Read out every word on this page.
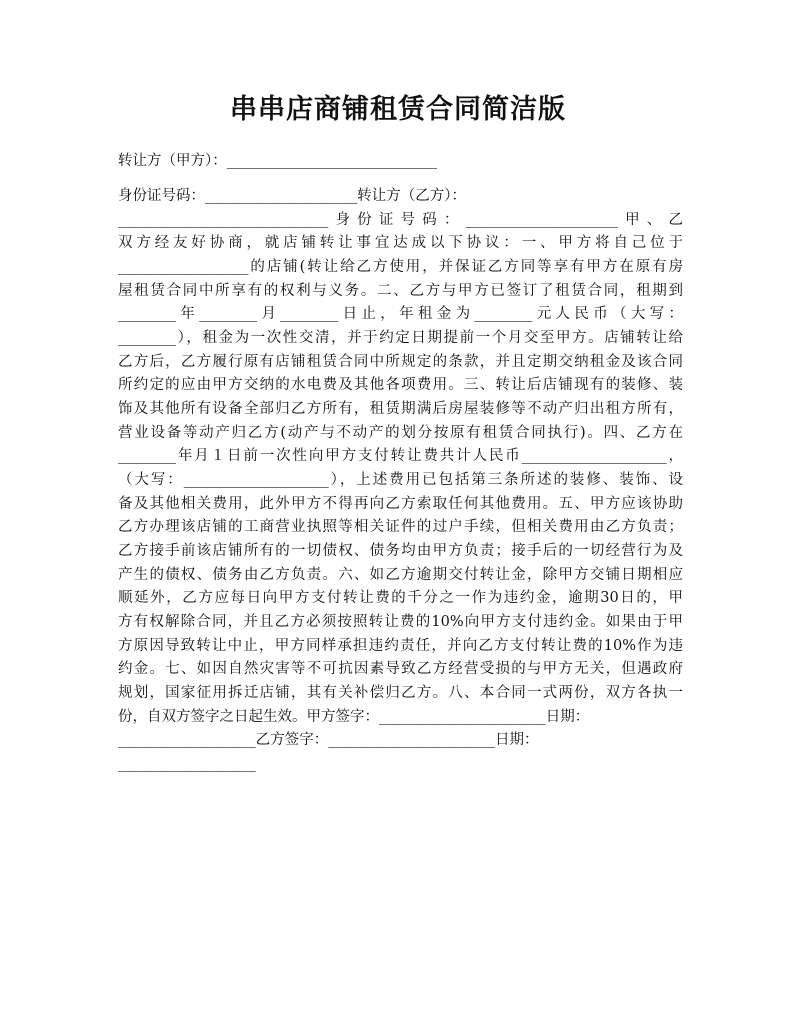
串串店商铺租赁合同简洁版
转让方（甲方）：_____________________________
身份证号码：_____________________转让方（乙方）：
_____________________________身份证号码：_____________________甲、乙
双方经友好协商，就店铺转让事宜达成以下协议：一、甲方将自己位于
__________________的店铺(转让给乙方使用，并保证乙方同等享有甲方在原有房
屋租赁合同中所享有的权利与义务。二、乙方与甲方已签订了租赁合同，租期到
________年________月________日止，年租金为________元人民币（大写：
________），租金为一次性交清，并于约定日期提前一个月交至甲方。店铺转让给
乙方后，乙方履行原有店铺租赁合同中所规定的条款，并且定期交纳租金及该合同
所约定的应由甲方交纳的水电费及其他各项费用。三、转让后店铺现有的装修、装
饰及其他所有设备全部归乙方所有，租赁期满后房屋装修等不动产归出租方所有，
营业设备等动产归乙方(动产与不动产的划分按原有租赁合同执行)。四、乙方在
________年月１日前一次性向甲方支付转让费共计人民币____________________，
（大写：____________________），上述费用已包括第三条所述的装修、装饰、设
备及其他相关费用，此外甲方不得再向乙方索取任何其他费用。五、甲方应该协助
乙方办理该店铺的工商营业执照等相关证件的过户手续，但相关费用由乙方负责；
乙方接手前该店铺所有的一切债权、债务均由甲方负责；接手后的一切经营行为及
产生的债权、债务由乙方负责。六、如乙方逾期交付转让金，除甲方交铺日期相应
顺延外，乙方应每日向甲方支付转让费的千分之一作为违约金，逾期30日的，甲
方有权解除合同，并且乙方必须按照转让费的10%向甲方支付违约金。如果由于甲
方原因导致转让中止，甲方同样承担违约责任，并向乙方支付转让费的10%作为违
约金。七、如因自然灾害等不可抗因素导致乙方经营受损的与甲方无关，但遇政府
规划，国家征用拆迁店铺，其有关补偿归乙方。八、本合同一式两份，双方各执一
份，自双方签字之日起生效。甲方签字：_______________________日期：
___________________乙方签字：_______________________日期：
___________________
